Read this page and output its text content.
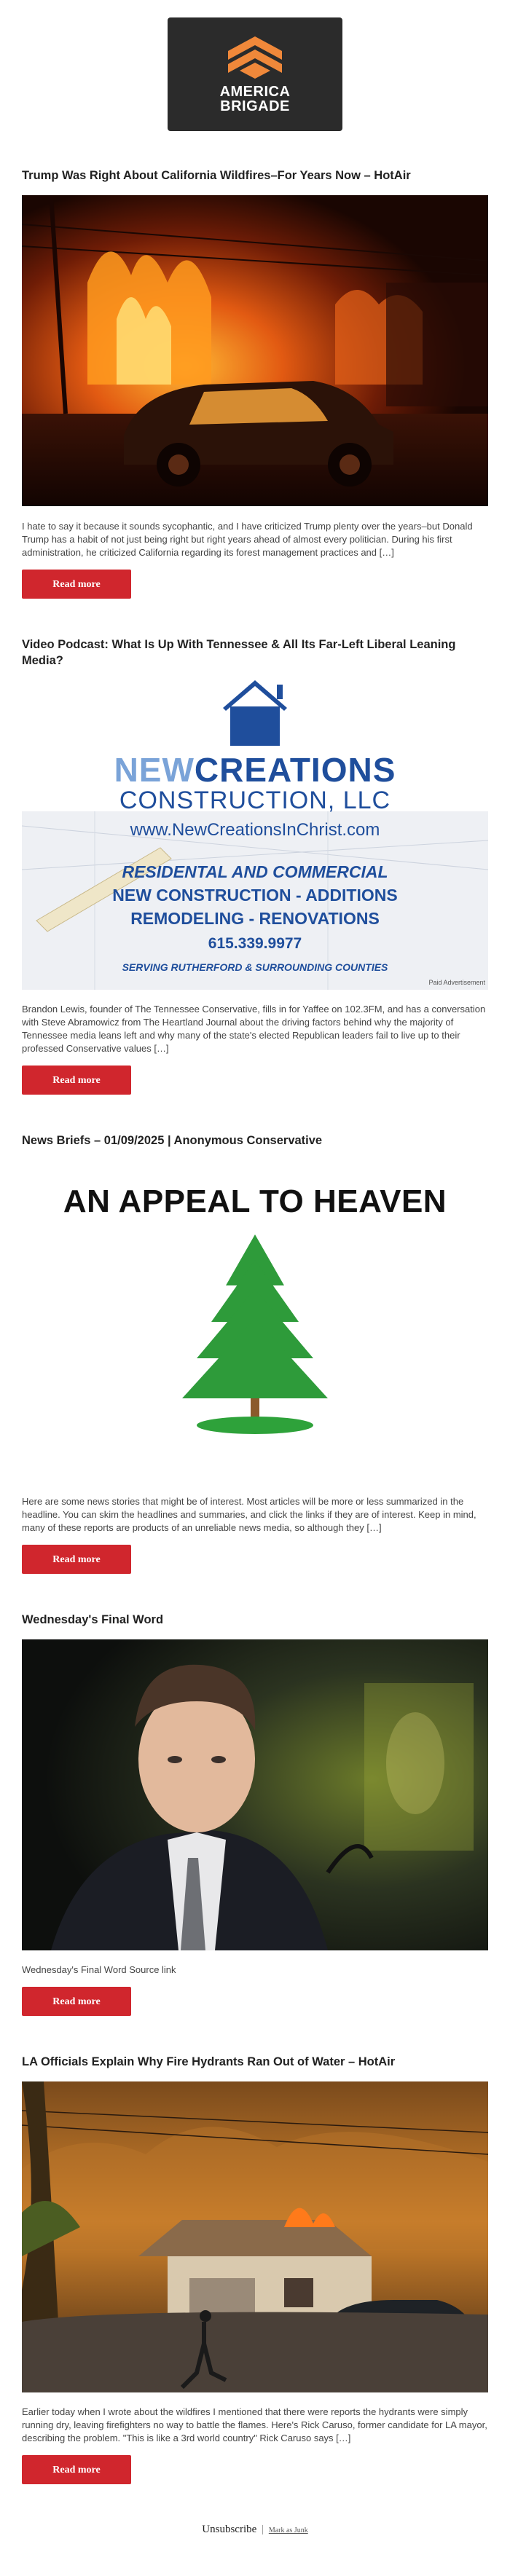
AMERICA
BRIGADE
Trump Was Right About California Wildfires–For Years Now – HotAir

I hate to say it because it sounds sycophantic, and I have criticized Trump plenty over the years–but Donald Trump has a habit of not just being right but right years ahead of almost every politician. During his first administration, he criticized California regarding its forest management practices and […]

Read more
Video Podcast: What Is Up With Tennessee & All Its Far-Left Liberal Leaning Media?
NEWCREATIONS
CONSTRUCTION, LLC
www.NewCreationsInChrist.com
RESIDENTAL AND COMMERCIAL
NEW CONSTRUCTION - ADDITIONS
REMODELING - RENOVATIONS
615.339.9977
SERVING RUTHERFORD & SURROUNDING COUNTIES
Paid Advertisement

Brandon Lewis, founder of The Tennessee Conservative, fills in for Yaffee on 102.3FM, and has a conversation with Steve Abramowicz from The Heartland Journal about the driving factors behind why the majority of Tennessee media leans left and why many of the state's elected Republican leaders fail to live up to their professed Conservative values […]

Read more
News Briefs – 01/09/2025 | Anonymous Conservative
AN APPEAL TO HEAVEN

Here are some news stories that might be of interest. Most articles will be more or less summarized in the headline. You can skim the headlines and summaries, and click the links if they are of interest. Keep in mind, many of these reports are products of an unreliable news media, so although they […]

Read more
Wednesday's Final Word

Wednesday's Final Word Source link

Read more
LA Officials Explain Why Fire Hydrants Ran Out of Water – HotAir

Earlier today when I wrote about the wildfires I mentioned that there were reports the hydrants were simply running dry, leaving firefighters no way to battle the flames. Here's Rick Caruso, former candidate for LA mayor, describing the problem. "This is like a 3rd world country" Rick Caruso says […]

Read more
Unsubscribe | Mark as Junk
